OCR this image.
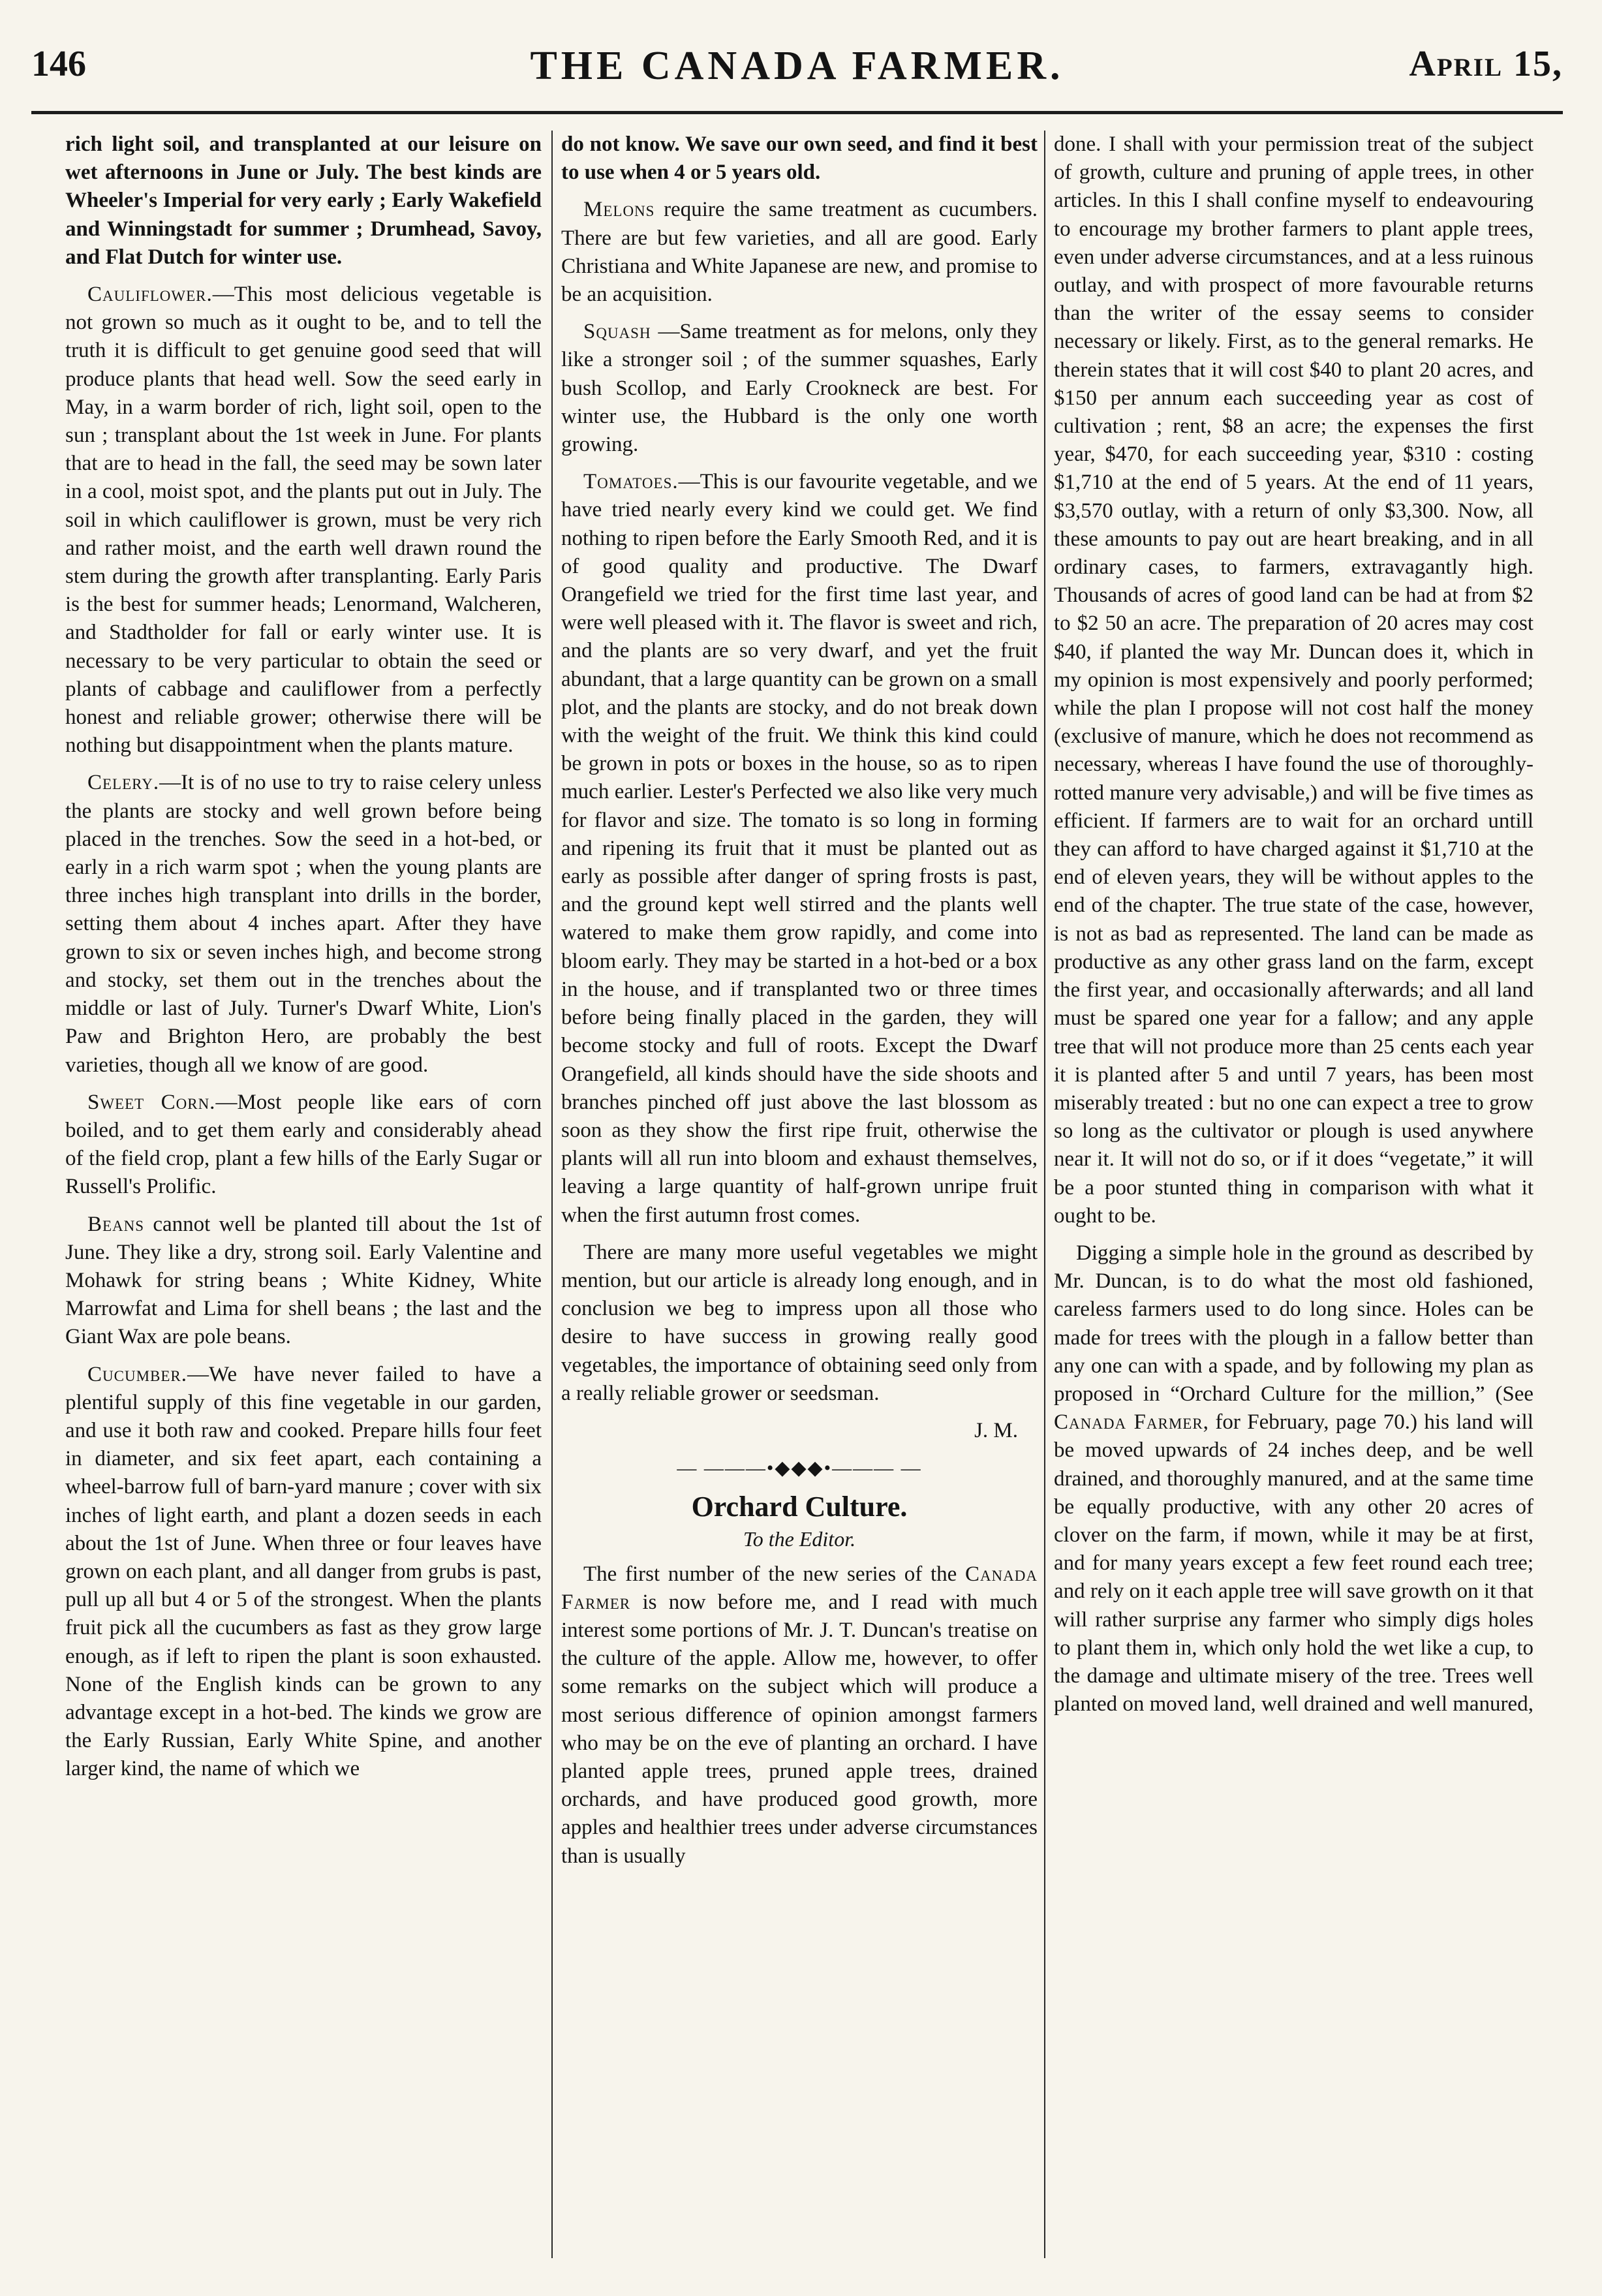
146	THE CANADA FARMER.	April 15,

rich light soil, and transplanted at our leisure on wet afternoons in June or July. The best kinds are Wheeler's Imperial for very early ; Early Wakefield and Winningstadt for summer ; Drumhead, Savoy, and Flat Dutch for winter use.

Cauliflower.—This most delicious vegetable is not grown so much as it ought to be, and to tell the truth it is difficult to get genuine good seed that will produce plants that head well. Sow the seed early in May, in a warm border of rich, light soil, open to the sun ; transplant about the 1st week in June. For plants that are to head in the fall, the seed may be sown later in a cool, moist spot, and the plants put out in July. The soil in which cauliflower is grown, must be very rich and rather moist, and the earth well drawn round the stem during the growth after transplanting. Early Paris is the best for summer heads; Lenormand, Walcheren, and Stadtholder for fall or early winter use. It is necessary to be very particular to obtain the seed or plants of cabbage and cauliflower from a perfectly honest and reliable grower; otherwise there will be nothing but disappointment when the plants mature.

Celery.—It is of no use to try to raise celery unless the plants are stocky and well grown before being placed in the trenches. Sow the seed in a hot-bed, or early in a rich warm spot ; when the young plants are three inches high transplant into drills in the border, setting them about 4 inches apart. After they have grown to six or seven inches high, and become strong and stocky, set them out in the trenches about the middle or last of July. Turner's Dwarf White, Lion's Paw and Brighton Hero, are probably the best varieties, though all we know of are good.

Sweet Corn.—Most people like ears of corn boiled, and to get them early and considerably ahead of the field crop, plant a few hills of the Early Sugar or Russell's Prolific.

Beans cannot well be planted till about the 1st of June. They like a dry, strong soil. Early Valentine and Mohawk for string beans ; White Kidney, White Marrowfat and Lima for shell beans ; the last and the Giant Wax are pole beans.

Cucumber.—We have never failed to have a plentiful supply of this fine vegetable in our garden, and use it both raw and cooked. Prepare hills four feet in diameter, and six feet apart, each containing a wheel-barrow full of barn-yard manure ; cover with six inches of light earth, and plant a dozen seeds in each about the 1st of June. When three or four leaves have grown on each plant, and all danger from grubs is past, pull up all but 4 or 5 of the strongest. When the plants fruit pick all the cucumbers as fast as they grow large enough, as if left to ripen the plant is soon exhausted. None of the English kinds can be grown to any advantage except in a hot-bed. The kinds we grow are the Early Russian, Early White Spine, and another larger kind, the name of which we

do not know. We save our own seed, and find it best to use when 4 or 5 years old.

Melons require the same treatment as cucumbers. There are but few varieties, and all are good. Early Christiana and White Japanese are new, and promise to be an acquisition.

Squash —Same treatment as for melons, only they like a stronger soil ; of the summer squashes, Early bush Scollop, and Early Crookneck are best. For winter use, the Hubbard is the only one worth growing.

Tomatoes.—This is our favourite vegetable, and we have tried nearly every kind we could get. We find nothing to ripen before the Early Smooth Red, and it is of good quality and productive. The Dwarf Orangefield we tried for the first time last year, and were well pleased with it. The flavor is sweet and rich, and the plants are so very dwarf, and yet the fruit abundant, that a large quantity can be grown on a small plot, and the plants are stocky, and do not break down with the weight of the fruit. We think this kind could be grown in pots or boxes in the house, so as to ripen much earlier. Lester's Perfected we also like very much for flavor and size. The tomato is so long in forming and ripening its fruit that it must be planted out as early as possible after danger of spring frosts is past, and the ground kept well stirred and the plants well watered to make them grow rapidly, and come into bloom early. They may be started in a hot-bed or a box in the house, and if transplanted two or three times before being finally placed in the garden, they will become stocky and full of roots. Except the Dwarf Orangefield, all kinds should have the side shoots and branches pinched off just above the last blossom as soon as they show the first ripe fruit, otherwise the plants will all run into bloom and exhaust themselves, leaving a large quantity of half-grown unripe fruit when the first autumn frost comes.

There are many more useful vegetables we might mention, but our article is already long enough, and in conclusion we beg to impress upon all those who desire to have success in growing really good vegetables, the importance of obtaining seed only from a really reliable grower or seedsman.

J. M.
— ———•◆◆◆•——— —
Orchard Culture.
To the Editor.

The first number of the new series of the Canada Farmer is now before me, and I read with much interest some portions of Mr. J. T. Duncan's treatise on the culture of the apple. Allow me, however, to offer some remarks on the subject which will produce a most serious difference of opinion amongst farmers who may be on the eve of planting an orchard. I have planted apple trees, pruned apple trees, drained orchards, and have produced good growth, more apples and healthier trees under adverse circumstances than is usually

done. I shall with your permission treat of the subject of growth, culture and pruning of apple trees, in other articles. In this I shall confine myself to endeavouring to encourage my brother farmers to plant apple trees, even under adverse circumstances, and at a less ruinous outlay, and with prospect of more favourable returns than the writer of the essay seems to consider necessary or likely. First, as to the general remarks. He therein states that it will cost $40 to plant 20 acres, and $150 per annum each succeeding year as cost of cultivation ; rent, $8 an acre; the expenses the first year, $470, for each succeeding year, $310 : costing $1,710 at the end of 5 years. At the end of 11 years, $3,570 outlay, with a return of only $3,300. Now, all these amounts to pay out are heart breaking, and in all ordinary cases, to farmers, extravagantly high. Thousands of acres of good land can be had at from $2 to $2 50 an acre. The preparation of 20 acres may cost $40, if planted the way Mr. Duncan does it, which in my opinion is most expensively and poorly performed; while the plan I propose will not cost half the money (exclusive of manure, which he does not recommend as necessary, whereas I have found the use of thoroughly-rotted manure very advisable,) and will be five times as efficient. If farmers are to wait for an orchard untill they can afford to have charged against it $1,710 at the end of eleven years, they will be without apples to the end of the chapter. The true state of the case, however, is not as bad as represented. The land can be made as productive as any other grass land on the farm, except the first year, and occasionally afterwards; and all land must be spared one year for a fallow; and any apple tree that will not produce more than 25 cents each year it is planted after 5 and until 7 years, has been most miserably treated : but no one can expect a tree to grow so long as the cultivator or plough is used anywhere near it. It will not do so, or if it does “vegetate,” it will be a poor stunted thing in comparison with what it ought to be.

Digging a simple hole in the ground as described by Mr. Duncan, is to do what the most old fashioned, careless farmers used to do long since. Holes can be made for trees with the plough in a fallow better than any one can with a spade, and by following my plan as proposed in “Orchard Culture for the million,” (See Canada Farmer, for February, page 70.) his land will be moved upwards of 24 inches deep, and be well drained, and thoroughly manured, and at the same time be equally productive, with any other 20 acres of clover on the farm, if mown, while it may be at first, and for many years except a few feet round each tree; and rely on it each apple tree will save growth on it that will rather surprise any farmer who simply digs holes to plant them in, which only hold the wet like a cup, to the damage and ultimate misery of the tree. Trees well planted on moved land, well drained and well manured,
